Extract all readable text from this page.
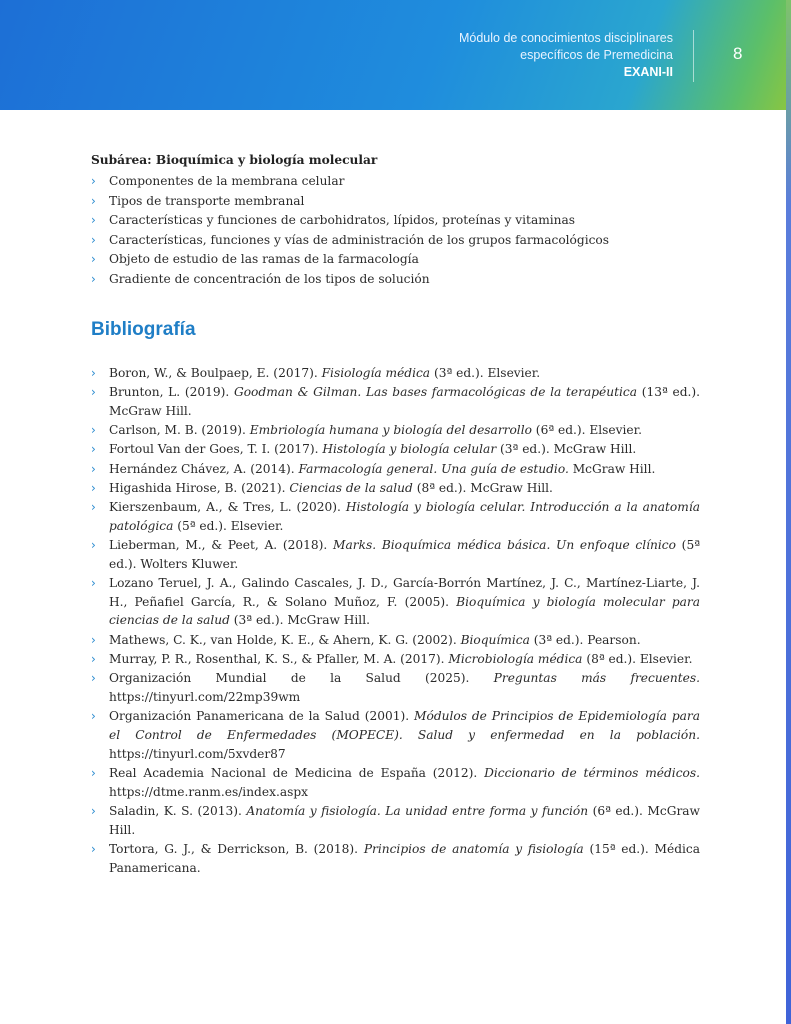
Módulo de conocimientos disciplinares
específicos de Premedicina
EXANI-II
8
Subárea: Bioquímica y biología molecular
› Componentes de la membrana celular
› Tipos de transporte membranal
› Características y funciones de carbohidratos, lípidos, proteínas y vitaminas
› Características, funciones y vías de administración de los grupos farmacológicos
› Objeto de estudio de las ramas de la farmacología
› Gradiente de concentración de los tipos de solución
Bibliografía
› Boron, W., & Boulpaep, E. (2017). Fisiología médica (3ª ed.). Elsevier.
› Brunton, L. (2019). Goodman & Gilman. Las bases farmacológicas de la terapéutica (13ª ed.). McGraw Hill.
› Carlson, M. B. (2019). Embriología humana y biología del desarrollo (6ª ed.). Elsevier.
› Fortoul Van der Goes, T. I. (2017). Histología y biología celular (3ª ed.). McGraw Hill.
› Hernández Chávez, A. (2014). Farmacología general. Una guía de estudio. McGraw Hill.
› Higashida Hirose, B. (2021). Ciencias de la salud (8ª ed.). McGraw Hill.
› Kierszenbaum, A., & Tres, L. (2020). Histología y biología celular. Introducción a la anatomía patológica (5ª ed.). Elsevier.
› Lieberman, M., & Peet, A. (2018). Marks. Bioquímica médica básica. Un enfoque clínico (5ª ed.). Wolters Kluwer.
› Lozano Teruel, J. A., Galindo Cascales, J. D., García-Borrón Martínez, J. C., Martínez-Liarte, J. H., Peñafiel García, R., & Solano Muñoz, F. (2005). Bioquímica y biología molecular para ciencias de la salud (3ª ed.). McGraw Hill.
› Mathews, C. K., van Holde, K. E., & Ahern, K. G. (2002). Bioquímica (3ª ed.). Pearson.
› Murray, P. R., Rosenthal, K. S., & Pfaller, M. A. (2017). Microbiología médica (8ª ed.). Elsevier.
› Organización Mundial de la Salud (2025). Preguntas más frecuentes. https://tinyurl.com/22mp39wm
› Organización Panamericana de la Salud (2001). Módulos de Principios de Epidemiología para el Control de Enfermedades (MOPECE). Salud y enfermedad en la población. https://tinyurl.com/5xvder87
› Real Academia Nacional de Medicina de España (2012). Diccionario de términos médicos. https://dtme.ranm.es/index.aspx
› Saladin, K. S. (2013). Anatomía y fisiología. La unidad entre forma y función (6ª ed.). McGraw Hill.
› Tortora, G. J., & Derrickson, B. (2018). Principios de anatomía y fisiología (15ª ed.). Médica Panamericana.
